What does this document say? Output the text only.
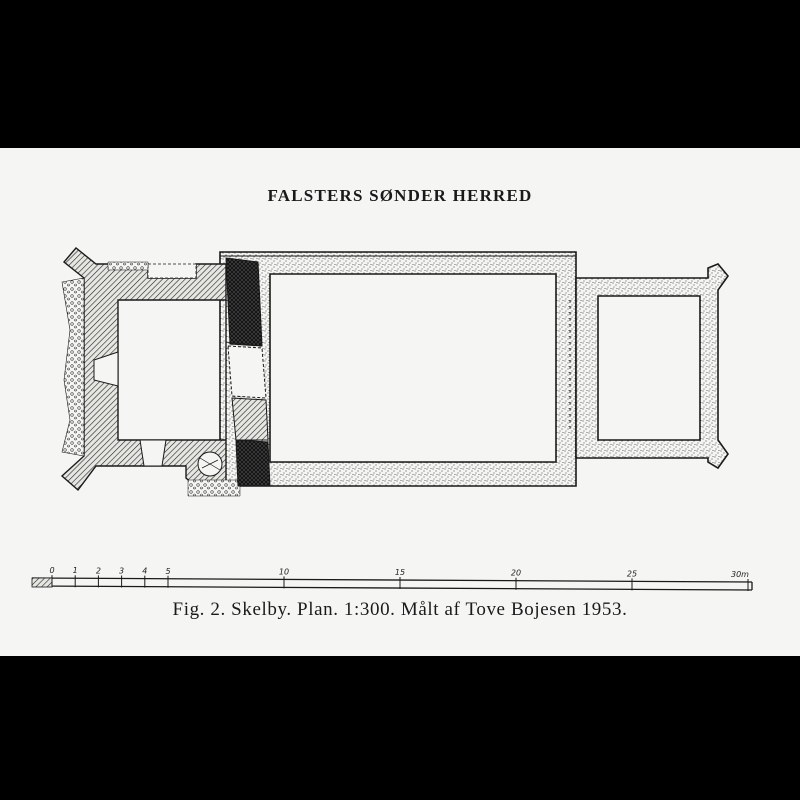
FALSTERS SØNDER HERRED
0 1 2 3 4 5	10	15	20	25	30m
Fig. 2. Skelby. Plan. 1:300. Målt af Tove Bojesen 1953.
